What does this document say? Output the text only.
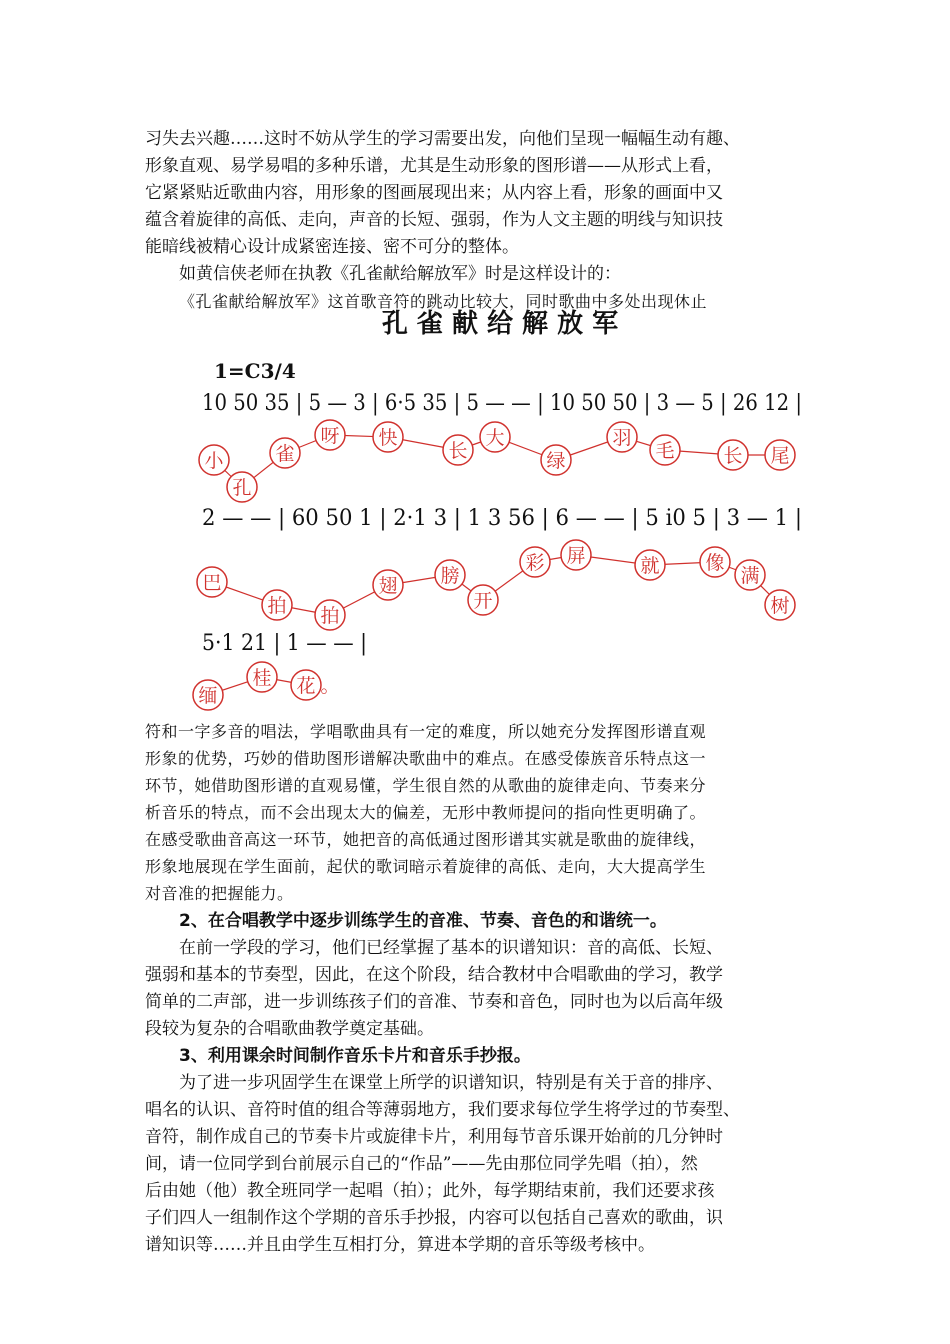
习失去兴趣……这时不妨从学生的学习需要出发，向他们呈现一幅幅生动有趣、
形象直观、易学易唱的多种乐谱，尤其是生动形象的图形谱——从形式上看，
它紧紧贴近歌曲内容，用形象的图画展现出来；从内容上看，形象的画面中又
蕴含着旋律的高低、走向，声音的长短、强弱，作为人文主题的明线与知识技
能暗线被精心设计成紧密连接、密不可分的整体。
如黄信侠老师在执教《孔雀献给解放军》时是这样设计的：
《孔雀献给解放军》这首歌音符的跳动比较大，同时歌曲中多处出现休止
孔 雀 献 给 解 放 军
1=C3/4
10 50 35 | 5 — 3 | 6·5 35 | 5 — — | 10 50 50 | 3 — 5 | 26 12 |
2 — — | 60 50 1 | 2·1 3 | 1 3 56 | 6 — — | 5 i0 5 | 3 — 1 |
5·1 21 | 1 — — |
小
孔
雀
呀 快
长
大
绿
羽
毛	长 尾
巴
拍 拍
翅 膀
开
彩 屏	就 像
满
树
缅
桂 花 。
符和一字多音的唱法，学唱歌曲具有一定的难度，所以她充分发挥图形谱直观
形象的优势，巧妙的借助图形谱解决歌曲中的难点。在感受傣族音乐特点这一
环节，她借助图形谱的直观易懂，学生很自然的从歌曲的旋律走向、节奏来分
析音乐的特点，而不会出现太大的偏差，无形中教师提问的指向性更明确了。
在感受歌曲音高这一环节，她把音的高低通过图形谱其实就是歌曲的旋律线，
形象地展现在学生面前，起伏的歌词暗示着旋律的高低、走向，大大提高学生
对音准的把握能力。
2、在合唱教学中逐步训练学生的音准、节奏、音色的和谐统一。
在前一学段的学习，他们已经掌握了基本的识谱知识：音的高低、长短、
强弱和基本的节奏型，因此，在这个阶段，结合教材中合唱歌曲的学习，教学
简单的二声部，进一步训练孩子们的音准、节奏和音色，同时也为以后高年级
段较为复杂的合唱歌曲教学奠定基础。
3、利用课余时间制作音乐卡片和音乐手抄报。
为了进一步巩固学生在课堂上所学的识谱知识，特别是有关于音的排序、
唱名的认识、音符时值的组合等薄弱地方，我们要求每位学生将学过的节奏型、
音符，制作成自己的节奏卡片或旋律卡片，利用每节音乐课开始前的几分钟时
间，请一位同学到台前展示自己的“作品”——先由那位同学先唱（拍），然
后由她（他）教全班同学一起唱（拍）；此外，每学期结束前，我们还要求孩
子们四人一组制作这个学期的音乐手抄报，内容可以包括自己喜欢的歌曲，识
谱知识等……并且由学生互相打分，算进本学期的音乐等级考核中。
